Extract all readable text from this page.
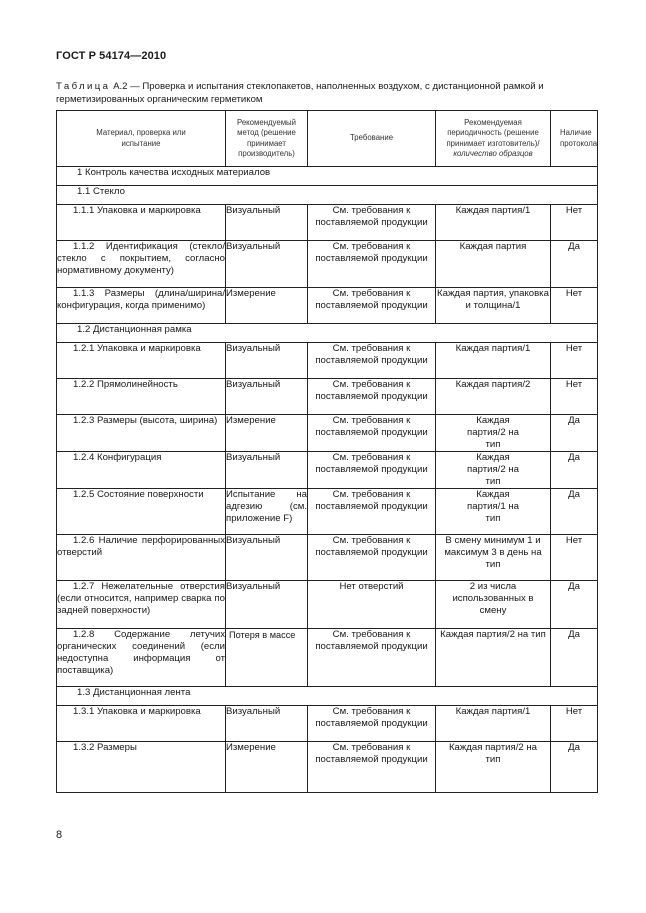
ГОСТ Р 54174—2010
Таблица А.2 — Проверка и испытания стеклопакетов, наполненных воздухом, с дистанционной рамкой и герметизированных органическим герметиком
Материал, проверка или испытание	Рекомендуемый метод (решение принимает производитель)	Требование	Рекомендуемая периодичность (решение принимает изготовитель)/количество образцов	Наличие протокола
1 Контроль качества исходных материалов				
1.1 Стекло				
1.1.1 Упаковка и маркировка	Визуальный	См. требования к поставляемой продукции	Каждая партия/1	Нет
1.1.2 Идентификация (стекло/стекло с покрытием, согласно нормативному документу)	Визуальный	См. требования к поставляемой продукции	Каждая партия	Да
1.1.3 Размеры (длина/ширина/конфигурация, когда применимо)	Измерение	См. требования к поставляемой продукции	Каждая партия, упаковка и толщина/1	Нет
1.2 Дистанционная рамка				
1.2.1 Упаковка и маркировка	Визуальный	См. требования к поставляемой продукции	Каждая партия/1	Нет
1.2.2 Прямолинейность	Визуальный	См. требования к поставляемой продукции	Каждая партия/2	Нет
1.2.3 Размеры (высота, ширина)	Измерение	См. требования к поставляемой продукции	Каждая партия/2 на тип	Да
1.2.4 Конфигурация	Визуальный	См. требования к поставляемой продукции	Каждая партия/2 на тип	Да
1.2.5 Состояние поверхности	Испытание на адгезию (см. приложение F)	См. требования к поставляемой продукции	Каждая партия/1 на тип	Да
1.2.6 Наличие перфорированных отверстий	Визуальный	См. требования к поставляемой продукции	В смену минимум 1 и максимум 3 в день на тип	Нет
1.2.7 Нежелательные отверстия (если относится, например сварка по задней поверхности)	Визуальный	Нет отверстий	2 из числа использованных в смену	Да
1.2.8 Содержание летучих органических соединений (если недоступна информация от поставщика)	Потеря в массе	См. требования к поставляемой продукции	Каждая партия/2 на тип	Да
1.3 Дистанционная лента				
1.3.1 Упаковка и маркировка	Визуальный	См. требования к поставляемой продукции	Каждая партия/1	Нет
1.3.2 Размеры	Измерение	См. требования к поставляемой продукции	Каждая партия/2 на тип	Да
8
